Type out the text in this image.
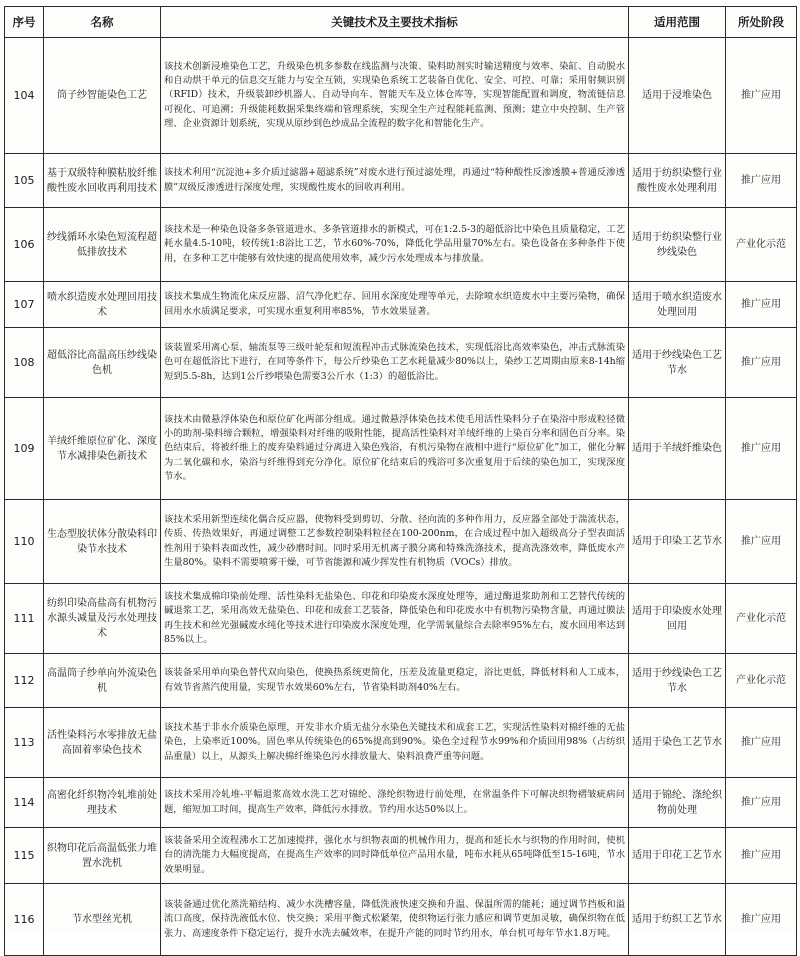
序号	名称	关键技术及主要技术指标	适用范围	所处阶段
104	筒子纱智能染色工艺	该技术创新浸堆染色工艺，升级染色机多参数在线监测与决策、染料助剂实时输送精度与效率、染缸、自动脱水和自动烘干单元的信息交互能力与安全互锁，实现染色系统工艺装备自优化、安全、可控、可靠；采用射频识别（RFID）技术，升级装卸纱机器人、自动导向车、智能天车及立体仓库等，实现智能配置和调度，物流链信息可视化、可追溯；升级能耗数据采集终端和管理系统，实现全生产过程能耗监测、预测；建立中央控制、生产管理、企业资源计划系统，实现从原纱到色纱成品全流程的数字化和智能化生产。	适用于浸堆染色	推广应用
105	基于双级特种膜粘胶纤维酸性废水回收再利用技术	该技术利用“沉淀池+多介质过滤器+超滤系统”对废水进行预过滤处理，再通过“特种酸性反渗透膜+普通反渗透膜”双级反渗透进行深度处理，实现酸性废水的回收再利用。	适用于纺织染整行业酸性废水处理利用	推广应用
106	纱线循环水染色短流程超低排放技术	该技术是一种染色设备多条管道进水、多条管道排水的新模式，可在1:2.5-3的超低浴比中染色且质量稳定，工艺耗水量4.5-10吨，较传统1:8浴比工艺，节水60%-70%，降低化学品用量70%左右。染色设备在多种条件下使用，在多种工艺中能够有效快速的提高使用效率，减少污水处理成本与排放量。	适用于纺织染整行业纱线染色	产业化示范
107	喷水织造废水处理回用技术	该技术集成生物流化床反应器、沼气净化贮存、回用水深度处理等单元，去除喷水织造废水中主要污染物，确保回用水水质满足要求，可实现水重复利用率85%，节水效果显著。	适用于喷水织造废水处理回用	推广应用
108	超低浴比高温高压纱线染色机	该装置采用离心泵、轴流泵等三级叶轮泵和短流程冲击式脉流染色技术，实现低浴比高效率染色，冲击式脉流染色可在超低浴比下进行，在同等条件下，每公斤纱染色工艺水耗量减少80%以上，染纱工艺周期由原来8-14h缩短到5.5-8h，达到1公斤纱喂染色需要3公斤水（1:3）的超低浴比。	适用于纱线染色工艺节水	推广应用
109	羊绒纤维原位矿化、深度节水减排染色新技术	该技术由微悬浮体染色和原位矿化两部分组成。通过微悬浮体染色技术使毛用活性染料分子在染浴中形成粒径微小的助剂-染料缔合颗粒，增强染料对纤维的吸附性能，提高活性染料对羊绒纤维的上染百分率和固色百分率。染色结束后，将被纤维上的废弃染料通过分离进入染色残浴，有机污染物在液相中进行“原位矿化”加工，催化分解为二氧化碳和水，染浴与纤维得到充分净化。原位矿化结束后的残浴可多次重复用于后续的染色加工，实现深度节水。	适用于羊绒纤维染色	推广应用
110	生态型胶状体分散染料印染节水技术	该技术采用新型连续化偶合反应器，使物料受到剪切、分散、径向流的多种作用力，反应器全部处于湍流状态，传质、传热效果好，再通过调整工艺参数控制染料粒径在100-200nm，在合成过程中加入超级高分子型表面活性剂用于染料表面改性，减少砂磨时间。同时采用无机离子膜分离和特殊洗涤技术，提高洗涤效率，降低废水产生量80%。染料不需要喷雾干燥，可节省能源和减少挥发性有机物质（VOCs）排放。	适用于印染工艺节水	推广应用
111	纺织印染高盐高有机物污水源头减量及污水处理技术	该技术集成棉印染前处理、活性染料无盐染色、印花和印染废水深度处理等，通过酶退浆助剂和工艺替代传统的碱退浆工艺，采用高效无盐染色、印花和成套工艺装备，降低染色和印花废水中有机物污染物含量，再通过膜法再生技术和丝光强碱废水纯化等技术进行印染废水深度处理，化学需氧量综合去除率95%左右，废水回用率达到85%以上。	适用于印染废水处理回用	产业化示范
112	高温筒子纱单向外流染色机	该装备采用单向染色替代双向染色，使换热系统更简化，压差及流量更稳定，浴比更低，降低材料和人工成本，有效节省蒸汽使用量，实现节水效果60%左右，节省染料助剂40%左右。	适用于纱线染色工艺节水	产业化示范
113	活性染料污水零排放无盐高固着率染色技术	该技术基于非水介质染色原理，开发非水介质无盐分水染色关键技术和成套工艺，实现活性染料对棉纤维的无盐染色，上染率近100%。固色率从传统染色的65%提高到90%。染色全过程节水99%和介质回用98%（占纺织品重量）以上，从源头上解决棉纤维染色污水排放量大、染料浪费严重等问题。	适用于染色工艺节水	推广应用
114	高密化纤织物冷轧堆前处理技术	该技术采用冷轧堆-平幅退浆高效水洗工艺对锦纶、涤纶织物进行前处理，在常温条件下可解决织物褶皱疵病问题，缩短加工时间，提高生产效率，降低污水排放。节约用水达50%以上。	适用于锦纶、涤纶织物前处理	推广应用
115	织物印花后高温低张力堆置水洗机	该装备采用全流程沸水工艺加速搅拌，强化水与织物表面的机械作用力，提高和延长水与织物的作用时间，使机台的清洗能力大幅度提高，在提高生产效率的同时降低单位产品用水量，吨布水耗从65吨降低至15-16吨，节水效果明显。	适用于印花工艺节水	推广应用
116	节水型丝光机	该装备通过优化蒸洗箱结构、减少水洗槽容量，降低洗液快速交换和升温、保温所需的能耗；通过调节挡板和溢流口高度，保持洗液低水位、快交换；采用平衡式松紧架，使织物运行张力感应和调节更加灵敏，确保织物在低张力、高速度条件下稳定运行，提升水洗去碱效率，在提升产能的同时节约用水，单台机可每年节水1.8万吨。	适用于纺织工艺节水	推广应用
